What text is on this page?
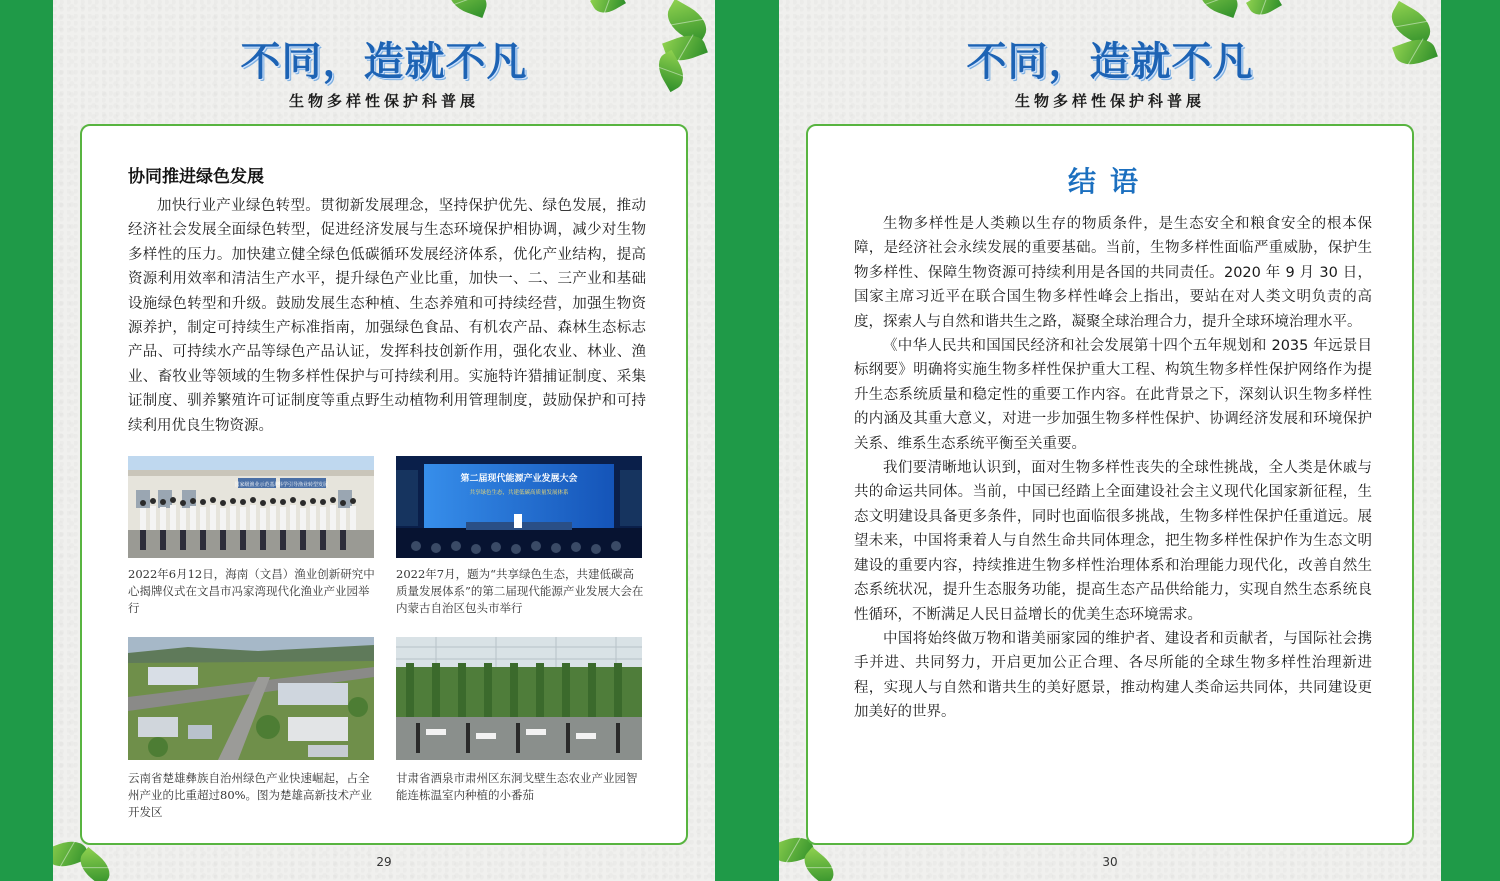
不同，造就不凡
生物多样性保护科普展
协同推进绿色发展

加快行业产业绿色转型。贯彻新发展理念，坚持保护优先、绿色发展，推动经济社会发展全面绿色转型，促进经济发展与生态环境保护相协调，减少对生物多样性的压力。加快建立健全绿色低碳循环发展经济体系，优化产业结构，提高资源利用效率和清洁生产水平，提升绿色产业比重，加快一、二、三产业和基础设施绿色转型和升级。鼓励发展生态种植、生态养殖和可持续经营，加强生物资源养护，制定可持续生产标准指南，加强绿色食品、有机农产品、森林生态标志产品、可持续水产品等绿色产品认证，发挥科技创新作用，强化农业、林业、渔业、畜牧业等领域的生物多样性保护与可持续利用。实施特许猎捕证制度、采集证制度、驯养繁殖许可证制度等重点野生动植物利用管理制度，鼓励保护和可持续利用优良生物资源。

国家级渔业示范基地
科学引导渔业转型发展
2022年6月12日，海南（文昌）渔业创新研究中心揭牌仪式在文昌市冯家湾现代化渔业产业园举行
第二届现代能源产业发展大会
共享绿色生态，共建低碳高质量发展体系
2022年7月，题为“共享绿色生态，共建低碳高质量发展体系”的第二届现代能源产业发展大会在内蒙古自治区包头市举行
云南省楚雄彝族自治州绿色产业快速崛起，占全州产业的比重超过80%。图为楚雄高新技术产业开发区
甘肃省酒泉市肃州区东洞戈壁生态农业产业园智能连栋温室内种植的小番茄
29
不同，造就不凡
生物多样性保护科普展
结语

生物多样性是人类赖以生存的物质条件，是生态安全和粮食安全的根本保障，是经济社会永续发展的重要基础。当前，生物多样性面临严重威胁，保护生物多样性、保障生物资源可持续利用是各国的共同责任。2020 年 9 月 30 日，国家主席习近平在联合国生物多样性峰会上指出，要站在对人类文明负责的高度，探索人与自然和谐共生之路，凝聚全球治理合力，提升全球环境治理水平。

《中华人民共和国国民经济和社会发展第十四个五年规划和 2035 年远景目标纲要》明确将实施生物多样性保护重大工程、构筑生物多样性保护网络作为提升生态系统质量和稳定性的重要工作内容。在此背景之下，深刻认识生物多样性的内涵及其重大意义，对进一步加强生物多样性保护、协调经济发展和环境保护关系、维系生态系统平衡至关重要。

我们要清晰地认识到，面对生物多样性丧失的全球性挑战，全人类是休戚与共的命运共同体。当前，中国已经踏上全面建设社会主义现代化国家新征程，生态文明建设具备更多条件，同时也面临很多挑战，生物多样性保护任重道远。展望未来，中国将秉着人与自然生命共同体理念，把生物多样性保护作为生态文明建设的重要内容，持续推进生物多样性治理体系和治理能力现代化，改善自然生态系统状况，提升生态服务功能，提高生态产品供给能力，实现自然生态系统良性循环，不断满足人民日益增长的优美生态环境需求。

中国将始终做万物和谐美丽家园的维护者、建设者和贡献者，与国际社会携手并进、共同努力，开启更加公正合理、各尽所能的全球生物多样性治理新进程，实现人与自然和谐共生的美好愿景，推动构建人类命运共同体，共同建设更加美好的世界。

30
